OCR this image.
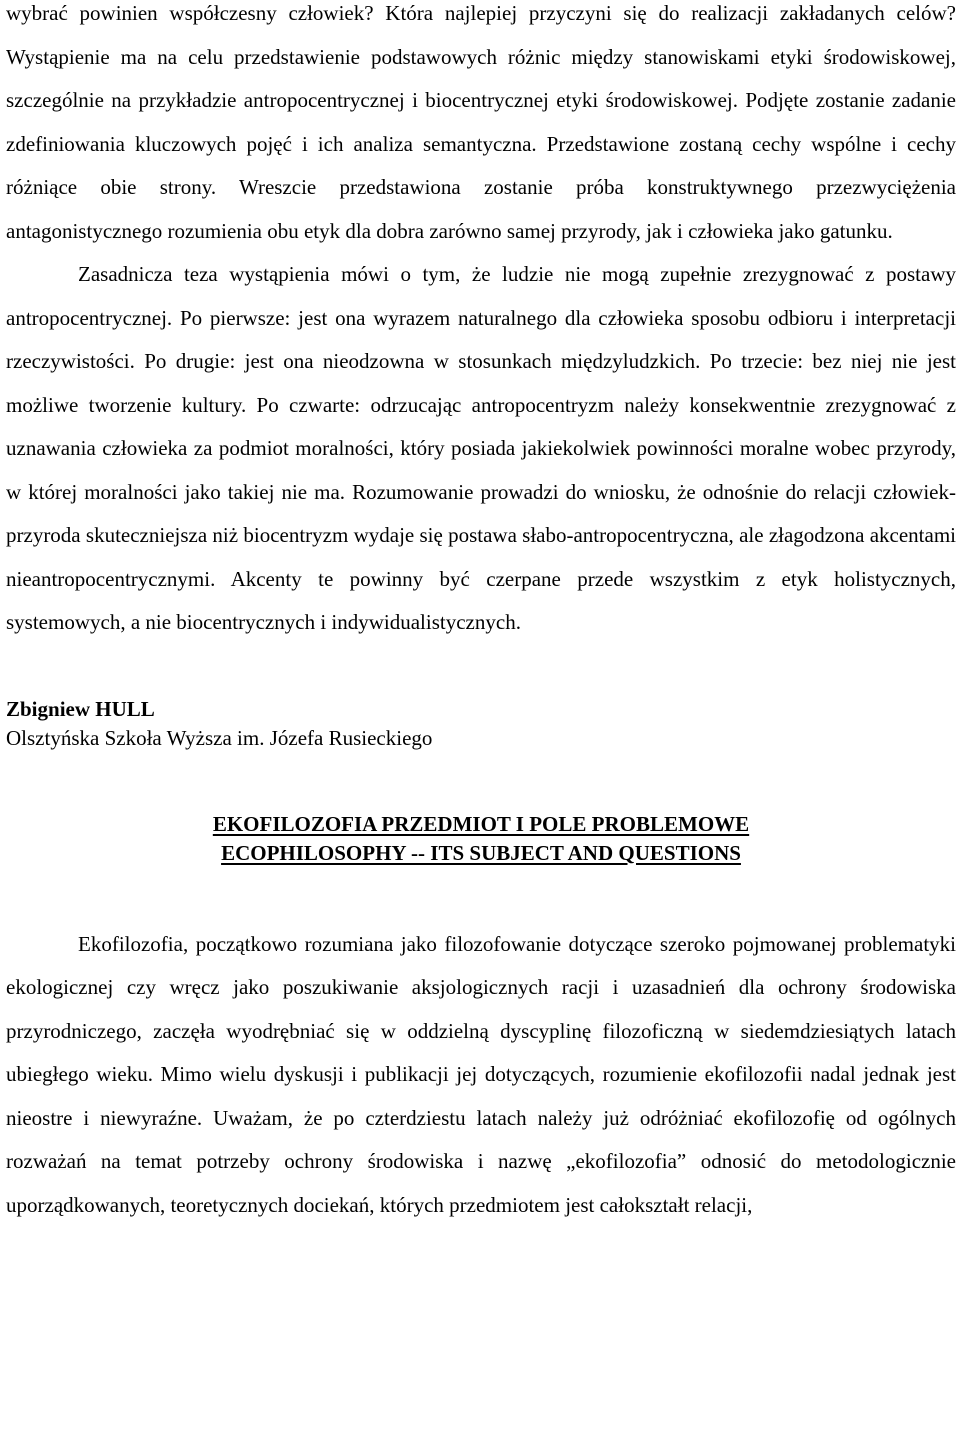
wybrać powinien współczesny człowiek? Która najlepiej przyczyni się do realizacji zakładanych celów? Wystąpienie ma na celu przedstawienie podstawowych różnic między stanowiskami etyki środowiskowej, szczególnie na przykładzie antropocentrycznej i biocentrycznej etyki środowiskowej. Podjęte zostanie zadanie zdefiniowania kluczowych pojęć i ich analiza semantyczna. Przedstawione zostaną cechy wspólne i cechy różniące obie strony. Wreszcie przedstawiona zostanie próba konstruktywnego przezwyciężenia antagonistycznego rozumienia obu etyk dla dobra zarówno samej przyrody, jak i człowieka jako gatunku.

Zasadnicza teza wystąpienia mówi o tym, że ludzie nie mogą zupełnie zrezygnować z postawy antropocentrycznej. Po pierwsze: jest ona wyrazem naturalnego dla człowieka sposobu odbioru i interpretacji rzeczywistości. Po drugie: jest ona nieodzowna w stosunkach międzyludzkich. Po trzecie: bez niej nie jest możliwe tworzenie kultury. Po czwarte: odrzucając antropocentryzm należy konsekwentnie zrezygnować z uznawania człowieka za podmiot moralności, który posiada jakiekolwiek powinności moralne wobec przyrody, w której moralności jako takiej nie ma. Rozumowanie prowadzi do wniosku, że odnośnie do relacji człowiek-przyroda skuteczniejsza niż biocentryzm wydaje się postawa słabo-antropocentryczna, ale złagodzona akcentami nieantropocentrycznymi. Akcenty te powinny być czerpane przede wszystkim z etyk holistycznych, systemowych, a nie biocentrycznych i indywidualistycznych.

Zbigniew HULL
Olsztyńska Szkoła Wyższa im. Józefa Rusieckiego
EKOFILOZOFIA PRZEDMIOT I POLE PROBLEMOWE
ECOPHILOSOPHY -- ITS SUBJECT AND QUESTIONS

Ekofilozofia, początkowo rozumiana jako filozofowanie dotyczące szeroko pojmowanej problematyki ekologicznej czy wręcz jako poszukiwanie aksjologicznych racji i uzasadnień dla ochrony środowiska przyrodniczego, zaczęła wyodrębniać się w oddzielną dyscyplinę filozoficzną w siedemdziesiątych latach ubiegłego wieku. Mimo wielu dyskusji i publikacji jej dotyczących, rozumienie ekofilozofii nadal jednak jest nieostre i niewyraźne. Uważam, że po czterdziestu latach należy już odróżniać ekofilozofię od ogólnych rozważań na temat potrzeby ochrony środowiska i nazwę „ekofilozofia” odnosić do metodologicznie uporządkowanych, teoretycznych dociekań, których przedmiotem jest całokształt relacji,
